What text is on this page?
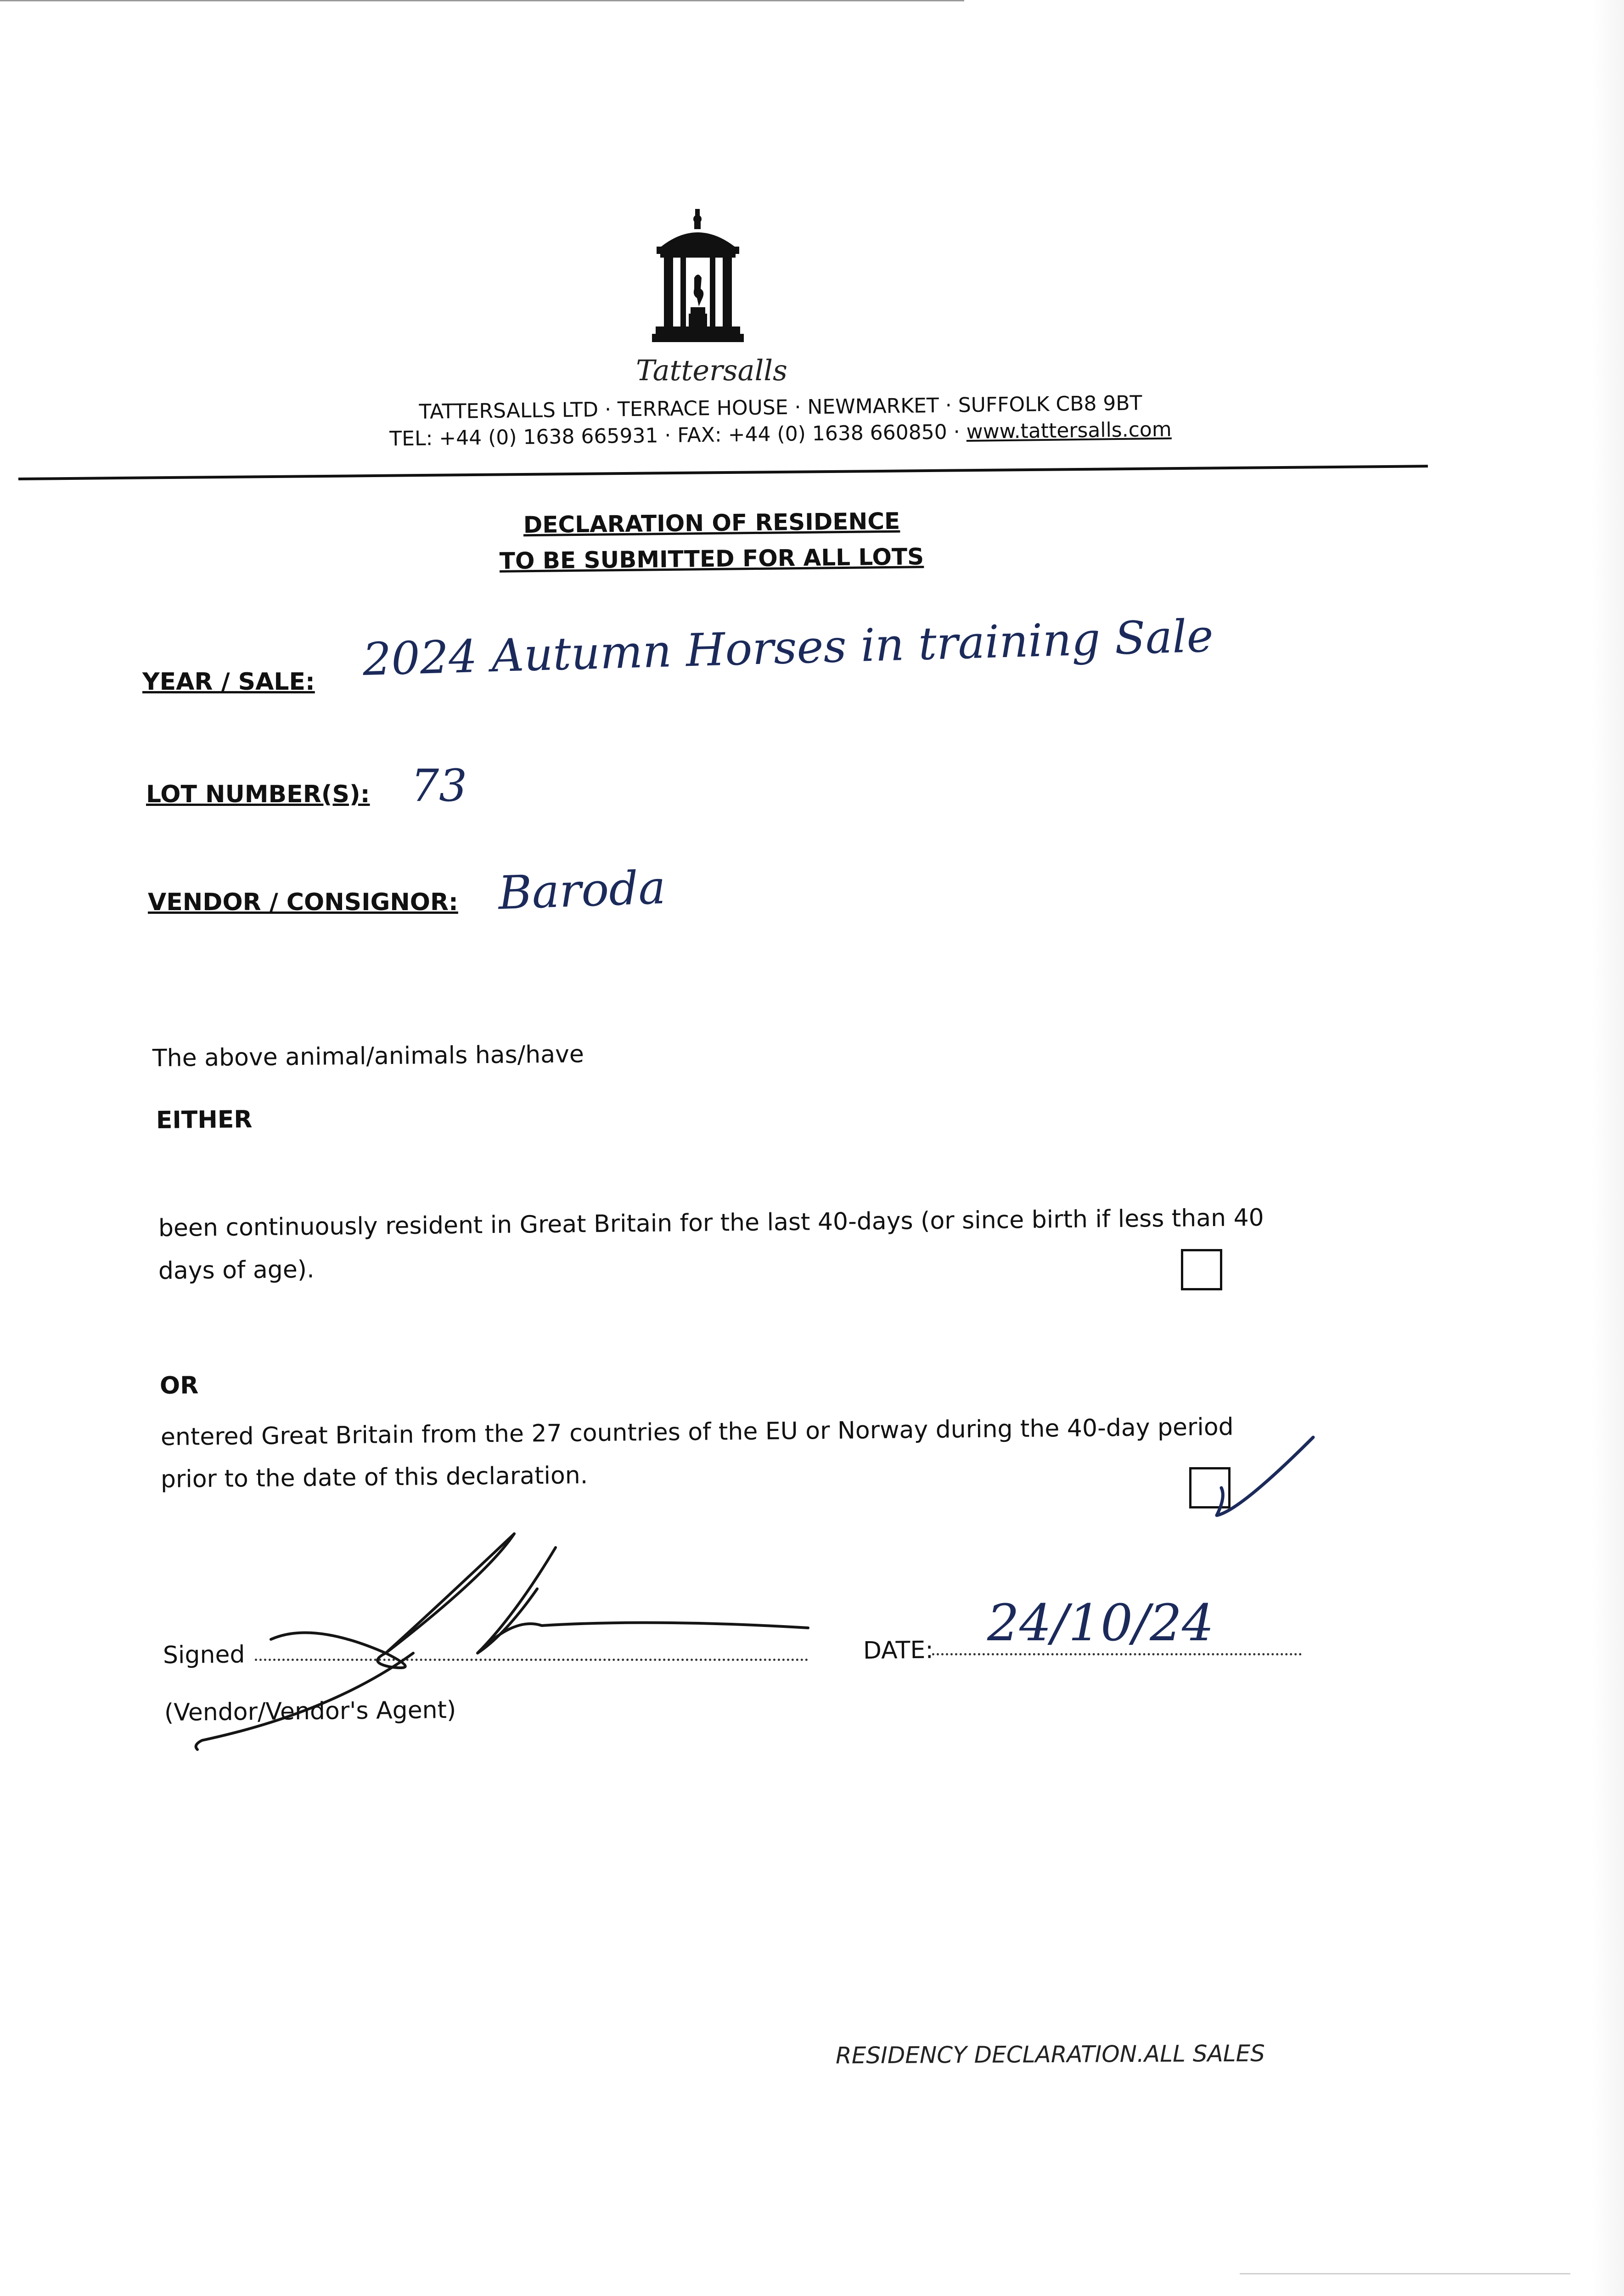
Tattersalls
TATTERSALLS LTD · TERRACE HOUSE · NEWMARKET · SUFFOLK CB8 9BT
TEL: +44 (0) 1638 665931 · FAX: +44 (0) 1638 660850 · www.tattersalls.com
DECLARATION OF RESIDENCE
TO BE SUBMITTED FOR ALL LOTS
YEAR / SALE: 2024 Autumn Horses in training Sale
LOT NUMBER(S): 73
VENDOR / CONSIGNOR: Baroda
The above animal/animals has/have
EITHER
been continuously resident in Great Britain for the last 40-days (or since birth if less than 40
days of age).
OR
entered Great Britain from the 27 countries of the EU or Norway during the 40-day period
prior to the date of this declaration.
Signed	DATE: 24/10/24
(Vendor/Vendor's Agent)
RESIDENCY DECLARATION.ALL SALES
